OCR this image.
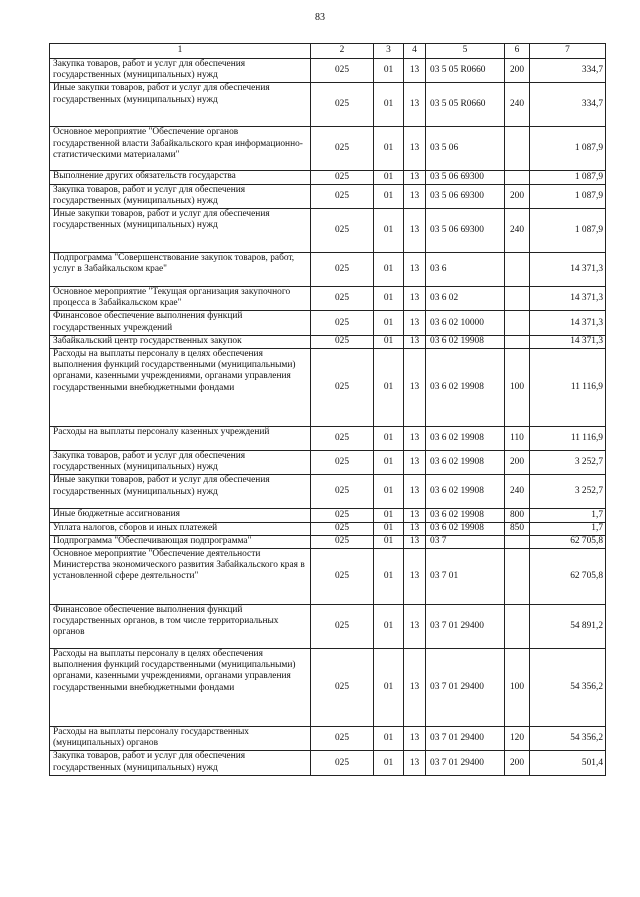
83
1	2	3	4	5	6	7
Закупка товаров, работ и услуг для обеспечения государственных (муниципальных) нужд	025	01	13	03 5 05 R0660	200	334,7
Иные закупки товаров, работ и услуг для обеспечения государственных (муниципальных) нужд	025	01	13	03 5 05 R0660	240	334,7
Основное мероприятие "Обеспечение органов государственной власти Забайкальского края информационно-статистическими материалами"	025	01	13	03 5 06		1 087,9
Выполнение других обязательств государства	025	01	13	03 5 06 69300		1 087,9
Закупка товаров, работ и услуг для обеспечения государственных (муниципальных) нужд	025	01	13	03 5 06 69300	200	1 087,9
Иные закупки товаров, работ и услуг для обеспечения государственных (муниципальных) нужд	025	01	13	03 5 06 69300	240	1 087,9
Подпрограмма "Совершенствование закупок товаров, работ, услуг в Забайкальском крае"	025	01	13	03 6		14 371,3
Основное мероприятие "Текущая организация закупочного процесса в Забайкальском крае"	025	01	13	03 6 02		14 371,3
Финансовое обеспечение выполнения функций государственных учреждений	025	01	13	03 6 02 10000		14 371,3
Забайкальский центр государственных закупок	025	01	13	03 6 02 19908		14 371,3
Расходы на выплаты персоналу в целях обеспечения выполнения функций государственными (муниципальными) органами, казенными учреждениями, органами управления государственными внебюджетными фондами	025	01	13	03 6 02 19908	100	11 116,9
Расходы на выплаты персоналу казенных учреждений	025	01	13	03 6 02 19908	110	11 116,9
Закупка товаров, работ и услуг для обеспечения государственных (муниципальных) нужд	025	01	13	03 6 02 19908	200	3 252,7
Иные закупки товаров, работ и услуг для обеспечения государственных (муниципальных) нужд	025	01	13	03 6 02 19908	240	3 252,7
Иные бюджетные ассигнования	025	01	13	03 6 02 19908	800	1,7
Уплата налогов, сборов и иных платежей	025	01	13	03 6 02 19908	850	1,7
Подпрограмма "Обеспечивающая подпрограмма"	025	01	13	03 7		62 705,8
Основное мероприятие "Обеспечение деятельности Министерства экономического развития Забайкальского края в установленной сфере деятельности"	025	01	13	03 7 01		62 705,8
Финансовое обеспечение выполнения функций государственных органов, в том числе территориальных органов	025	01	13	03 7 01 29400		54 891,2
Расходы на выплаты персоналу в целях обеспечения выполнения функций государственными (муниципальными) органами, казенными учреждениями, органами управления государственными внебюджетными фондами	025	01	13	03 7 01 29400	100	54 356,2
Расходы на выплаты персоналу государственных (муниципальных) органов	025	01	13	03 7 01 29400	120	54 356,2
Закупка товаров, работ и услуг для обеспечения государственных (муниципальных) нужд	025	01	13	03 7 01 29400	200	501,4
